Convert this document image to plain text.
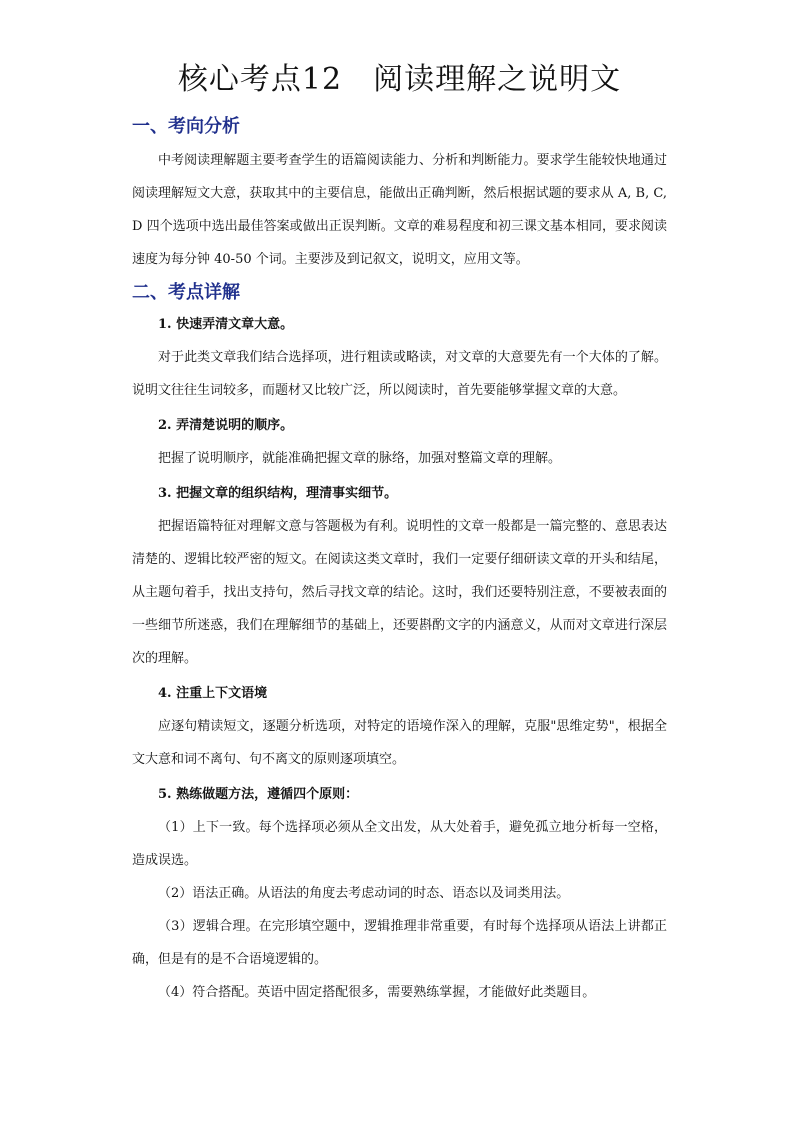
核心考点12　阅读理解之说明文
一、考向分析

中考阅读理解题主要考查学生的语篇阅读能力、分析和判断能力。要求学生能较快地通过阅读理解短文大意，获取其中的主要信息，能做出正确判断，然后根据试题的要求从 A, B, C, D 四个选项中选出最佳答案或做出正误判断。文章的难易程度和初三课文基本相同，要求阅读速度为每分钟 40-50 个词。主要涉及到记叙文，说明文，应用文等。

二、考点详解

1. 快速弄清文章大意。

对于此类文章我们结合选择项，进行粗读或略读，对文章的大意要先有一个大体的了解。说明文往往生词较多，而题材又比较广泛，所以阅读时，首先要能够掌握文章的大意。

2. 弄清楚说明的顺序。

把握了说明顺序，就能准确把握文章的脉络，加强对整篇文章的理解。

3. 把握文章的组织结构，理清事实细节。

把握语篇特征对理解文意与答题极为有利。说明性的文章一般都是一篇完整的、意思表达清楚的、逻辑比较严密的短文。在阅读这类文章时，我们一定要仔细研读文章的开头和结尾，从主题句着手，找出支持句，然后寻找文章的结论。这时，我们还要特别注意，不要被表面的一些细节所迷惑，我们在理解细节的基础上，还要斟酌文字的内涵意义，从而对文章进行深层次的理解。

4. 注重上下文语境

应逐句精读短文，逐题分析选项，对特定的语境作深入的理解，克服"思维定势"，根据全文大意和词不离句、句不离文的原则逐项填空。

5. 熟练做题方法，遵循四个原则：

（1）上下一致。每个选择项必须从全文出发，从大处着手，避免孤立地分析每一空格，造成误选。

（2）语法正确。从语法的角度去考虑动词的时态、语态以及词类用法。

（3）逻辑合理。在完形填空题中，逻辑推理非常重要，有时每个选择项从语法上讲都正确，但是有的是不合语境逻辑的。

（4）符合搭配。英语中固定搭配很多，需要熟练掌握，才能做好此类题目。
